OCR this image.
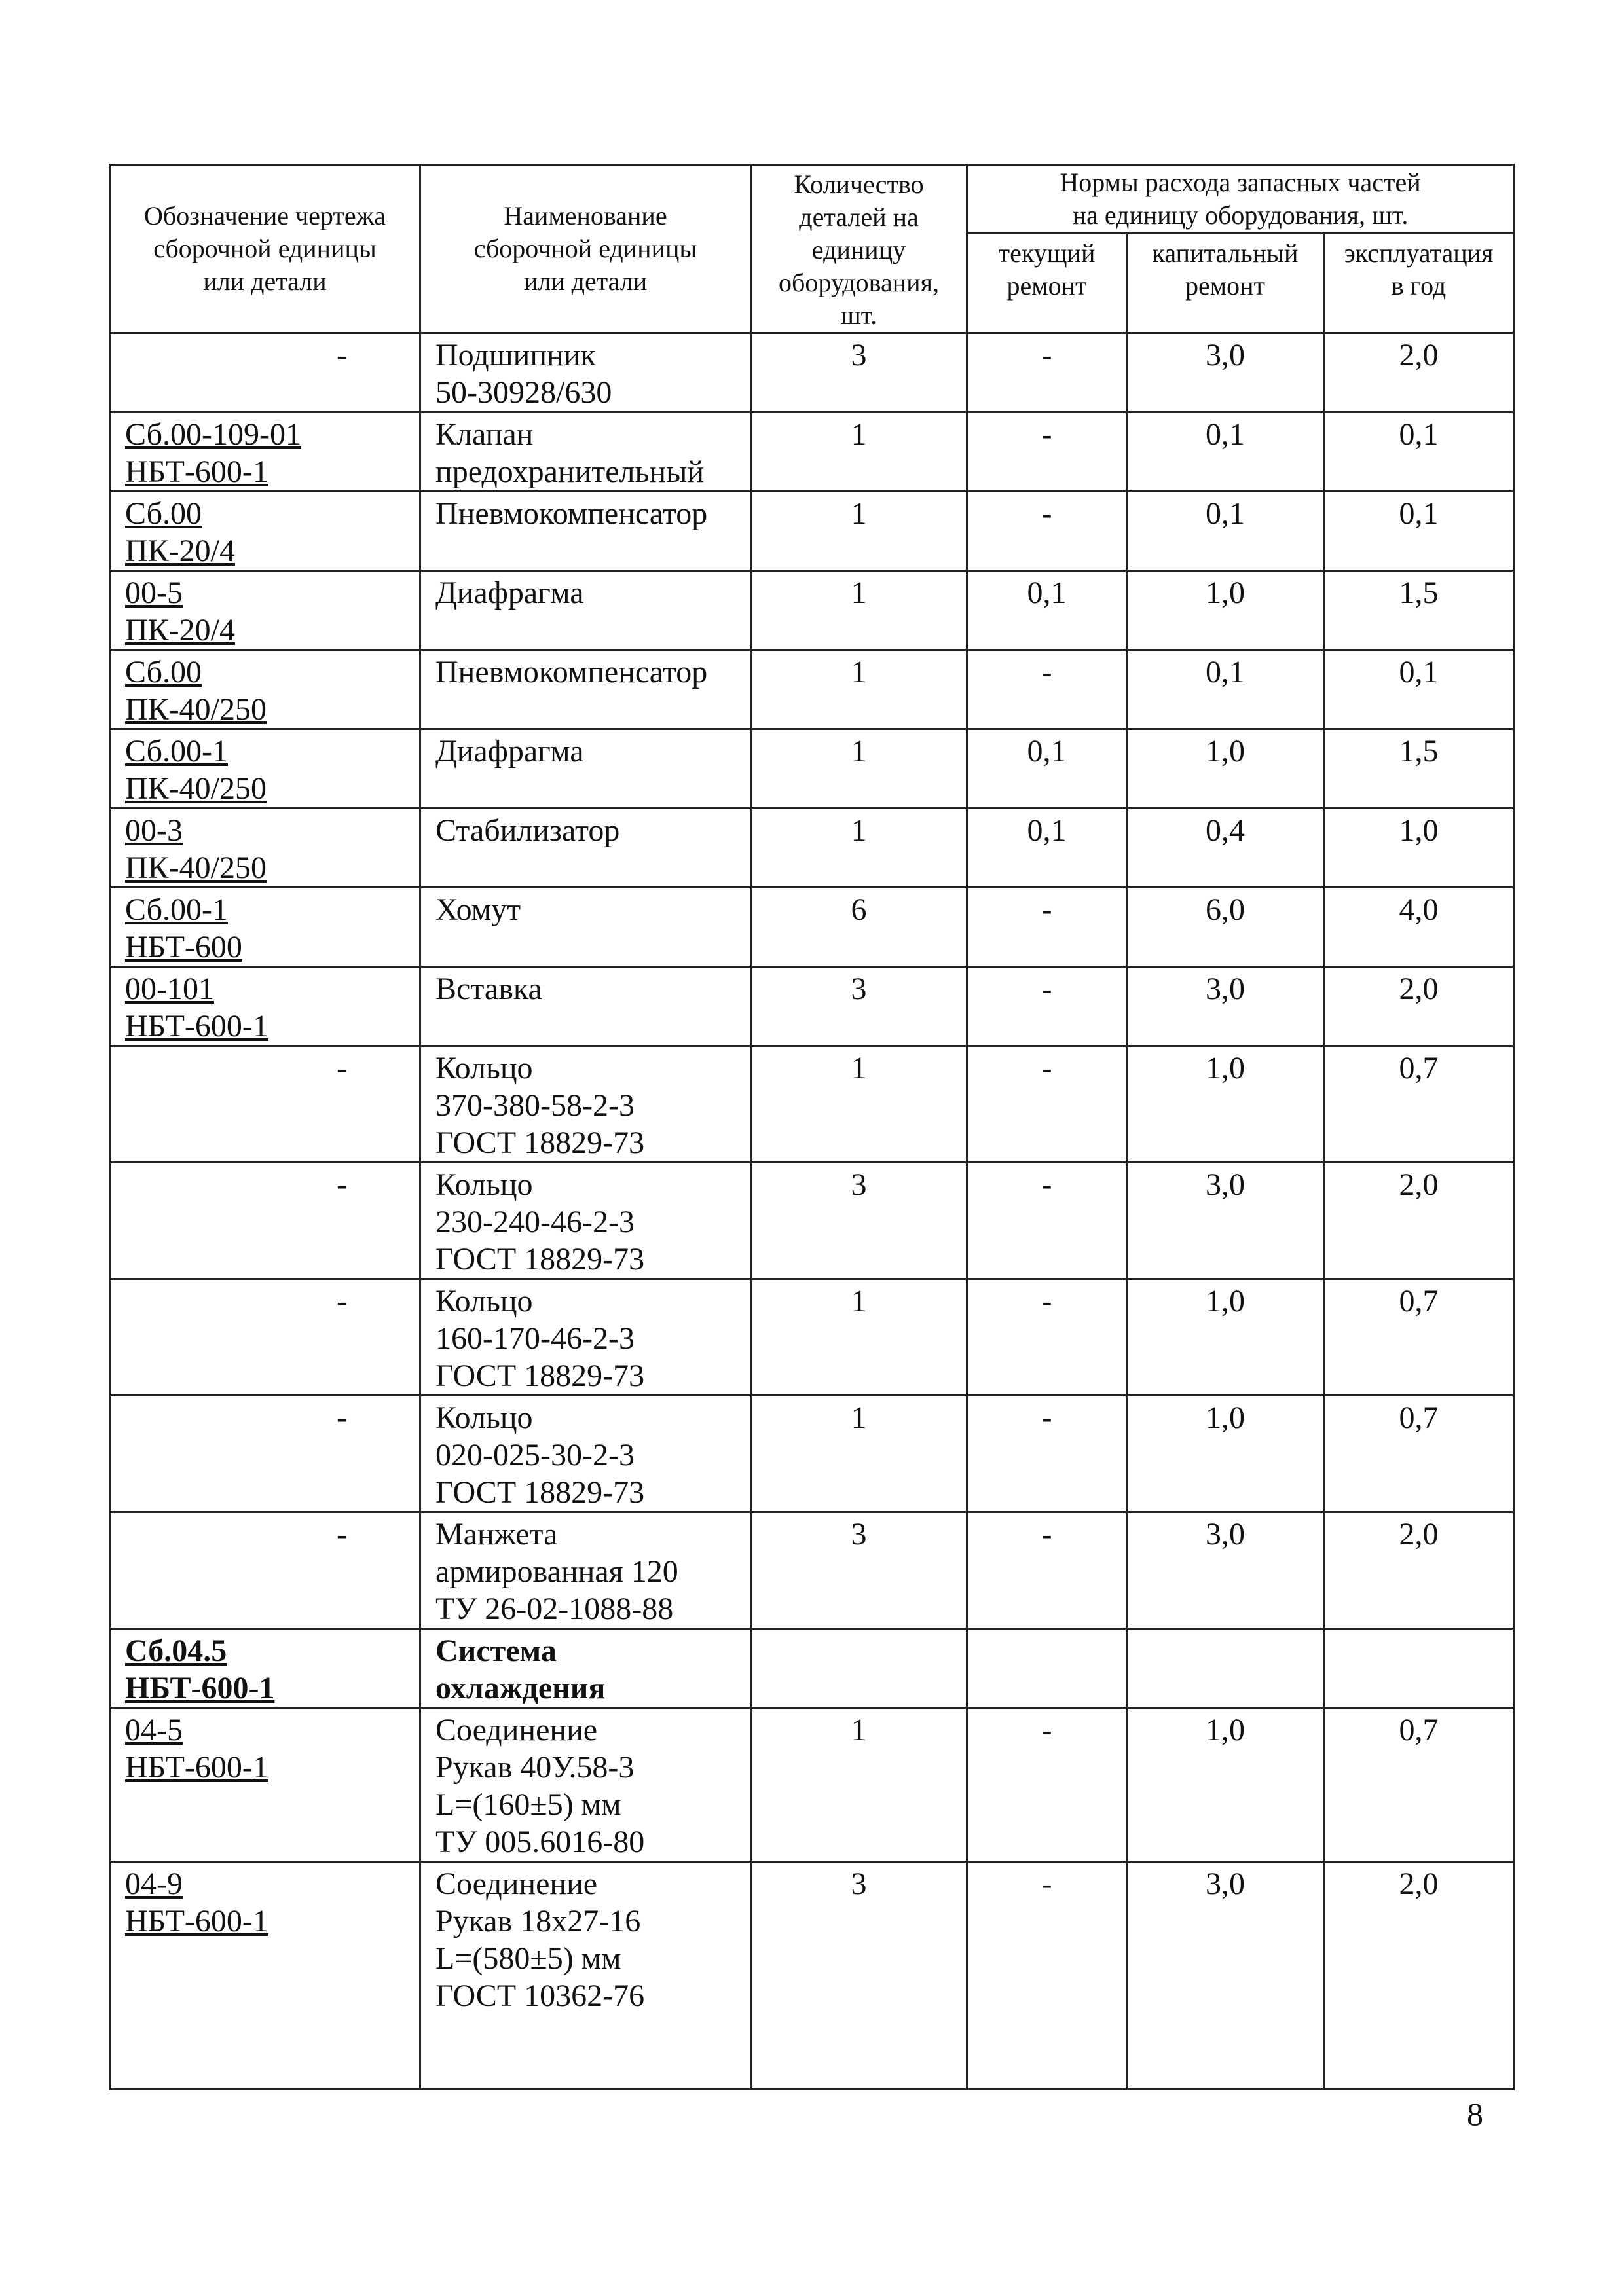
Обозначение чертежа
сборочной единицы
или детали	Наименование
сборочной единицы
или детали	Количество
деталей на
единицу
оборудования,
шт.	Нормы расхода запасных частей
на единицу оборудования, шт.		

			текущий
ремонт	капитальный
ремонт	эксплуатация
в год

-	Подшипник
50-30928/630	3	-	3,0	2,0

Сб.00-109-01
НБТ-600-1	Клапан
предохранительный	1	-	0,1	0,1

Сб.00
ПК-20/4	Пневмокомпенсатор	1	-	0,1	0,1

00-5
ПК-20/4	Диафрагма	1	0,1	1,0	1,5

Сб.00
ПК-40/250	Пневмокомпенсатор	1	-	0,1	0,1

Сб.00-1
ПК-40/250	Диафрагма	1	0,1	1,0	1,5

00-3
ПК-40/250	Стабилизатор	1	0,1	0,4	1,0

Сб.00-1
НБТ-600	Хомут	6	-	6,0	4,0

00-101
НБТ-600-1	Вставка	3	-	3,0	2,0

-	Кольцо
370-380-58-2-3
ГОСТ 18829-73	1	-	1,0	0,7

-	Кольцо
230-240-46-2-3
ГОСТ 18829-73	3	-	3,0	2,0

-	Кольцо
160-170-46-2-3
ГОСТ 18829-73	1	-	1,0	0,7

-	Кольцо
020-025-30-2-3
ГОСТ 18829-73	1	-	1,0	0,7

-	Манжета
армированная 120
ТУ 26-02-1088-88	3	-	3,0	2,0

Сб.04.5
НБТ-600-1	Система
охлаждения				

04-5
НБТ-600-1	Соединение
Рукав 40У.58-3
L=(160±5) мм
ТУ 005.6016-80	1	-	1,0	0,7

04-9
НБТ-600-1	Соединение
Рукав 18х27-16
L=(580±5) мм
ГОСТ 10362-76	3	-	3,0	2,0
8
